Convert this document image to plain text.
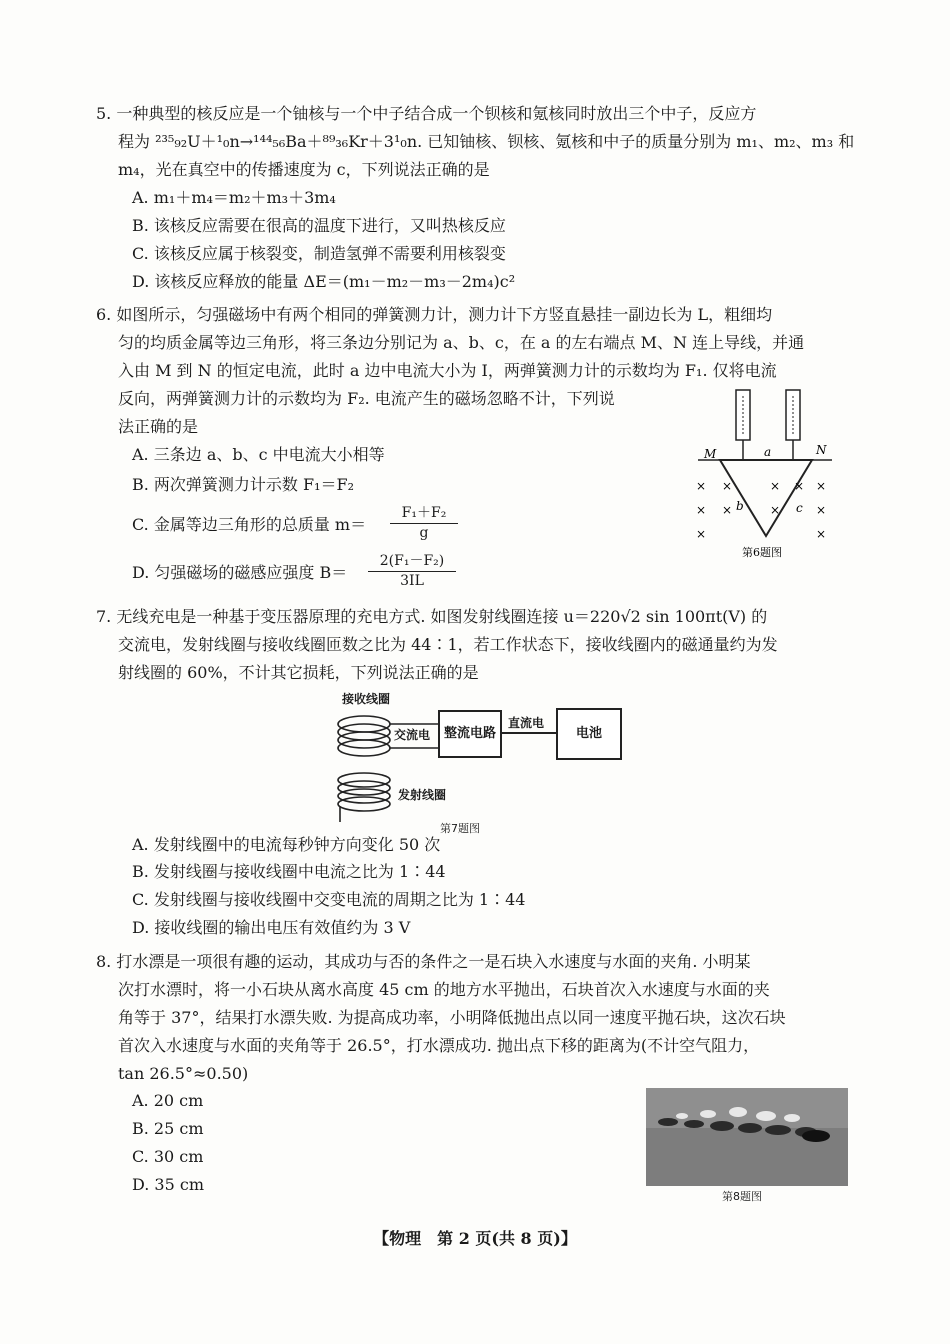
5. 一种典型的核反应是一个铀核与一个中子结合成一个钡核和氪核同时放出三个中子，反应方
程为 ²³⁵₉₂U＋¹₀n→¹⁴⁴₅₆Ba＋⁸⁹₃₆Kr＋3¹₀n. 已知铀核、钡核、氪核和中子的质量分别为 m₁、m₂、m₃ 和
m₄，光在真空中的传播速度为 c，下列说法正确的是
A. m₁＋m₄＝m₂＋m₃＋3m₄
B. 该核反应需要在很高的温度下进行，又叫热核反应
C. 该核反应属于核裂变，制造氢弹不需要利用核裂变
D. 该核反应释放的能量 ΔE＝(m₁－m₂－m₃－2m₄)c²
6. 如图所示，匀强磁场中有两个相同的弹簧测力计，测力计下方竖直悬挂一副边长为 L，粗细均
匀的均质金属等边三角形，将三条边分别记为 a、b、c，在 a 的左右端点 M、N 连上导线，并通
入由 M 到 N 的恒定电流，此时 a 边中电流大小为 I，两弹簧测力计的示数均为 F₁. 仅将电流
反向，两弹簧测力计的示数均为 F₂. 电流产生的磁场忽略不计，下列说
法正确的是
A. 三条边 a、b、c 中电流大小相等
B. 两次弹簧测力计示数 F₁＝F₂
C. 金属等边三角形的总质量 m＝
F₁＋F₂
g
D. 匀强磁场的磁感应强度 B＝
2(F₁－F₂)
3IL
M	N
a
b	c
×
×
×
×
×
×
×
× ×
×
×
第6题图
7. 无线充电是一种基于变压器原理的充电方式. 如图发射线圈连接 u＝220√2 sin 100πt(V) 的
交流电，发射线圈与接收线圈匝数之比为 44∶1，若工作状态下，接收线圈内的磁通量约为发
射线圈的 60%，不计其它损耗，下列说法正确的是
接收线圈
交流电	整流电路
直流电
电池
发射线圈
第7题图
A. 发射线圈中的电流每秒钟方向变化 50 次
B. 发射线圈与接收线圈中电流之比为 1∶44
C. 发射线圈与接收线圈中交变电流的周期之比为 1∶44
D. 接收线圈的输出电压有效值约为 3 V
8. 打水漂是一项很有趣的运动，其成功与否的条件之一是石块入水速度与水面的夹角. 小明某
次打水漂时，将一小石块从离水高度 45 cm 的地方水平抛出，石块首次入水速度与水面的夹
角等于 37°，结果打水漂失败. 为提高成功率，小明降低抛出点以同一速度平抛石块，这次石块
首次入水速度与水面的夹角等于 26.5°，打水漂成功. 抛出点下移的距离为(不计空气阻力，
tan 26.5°≈0.50)
A. 20 cm
B. 25 cm
C. 30 cm
D. 35 cm
第8题图
【物理　第 2 页(共 8 页)】
